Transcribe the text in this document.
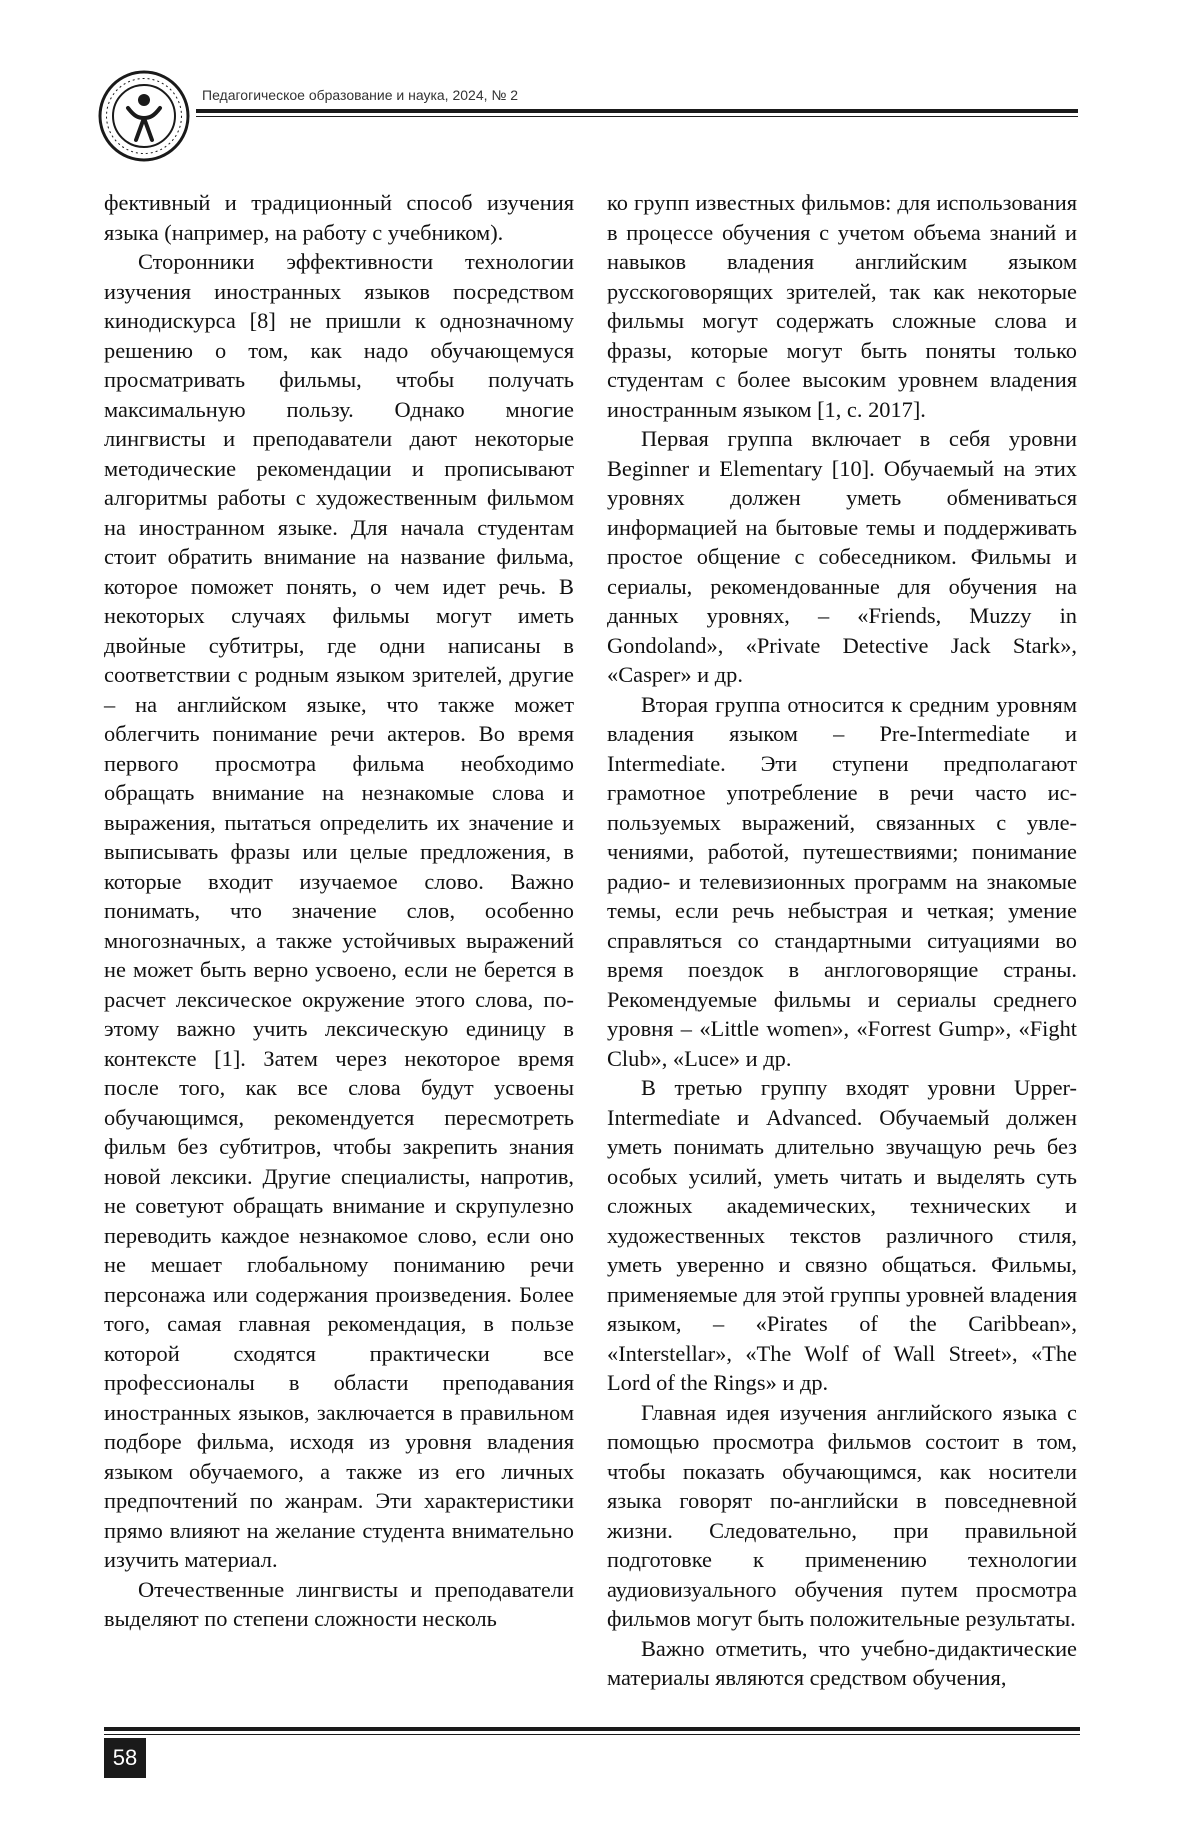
Педагогическое образование и наука, 2024, № 2

фективный и традиционный способ изучения языка (например, на работу с учебником).

Сторонники эффективности технологии изучения иностранных языков посредством кинодискурса [8] не пришли к однозначному решению о том, как надо обучающемуся просматривать фильмы, чтобы получать максимальную пользу. Однако многие лингвисты и преподаватели дают некоторые методические рекомендации и прописывают алгоритмы работы с художественным фильмом на иностранном языке. Для начала студентам стоит обратить внимание на название фильма, которое поможет понять, о чем идет речь. В некоторых случаях фильмы могут иметь двойные субтитры, где одни написаны в соответствии с родным языком зрителей, другие – на английском языке, что также может облегчить понимание речи актеров. Во время первого просмотра фильма необходимо обращать внимание на незнакомые слова и выражения, пытаться определить их значение и выписывать фразы или целые предложения, в которые входит изучаемое слово. Важно понимать, что значение слов, особенно многозначных, а также устойчивых выражений не может быть верно усвоено, если не берется в расчет лексическое окружение этого слова, поэтому важно учить лексическую единицу в контексте [1]. Затем через некоторое время после того, как все слова будут усвоены обучающимся, рекомендуется пересмотреть фильм без субтитров, чтобы закрепить знания новой лексики. Другие специалисты, напротив, не советуют обращать внимание и скрупулезно переводить каждое незнакомое слово, если оно не мешает глобальному пониманию речи персонажа или содержания произведения. Более того, самая главная рекомендация, в пользе которой сходятся практически все профессионалы в области преподавания иностранных языков, заключается в правильном подборе фильма, исходя из уровня владения языком обучаемого, а также из его личных предпочтений по жанрам. Эти характеристики прямо влияют на желание студента внимательно изучить материал.

Отечественные лингвисты и преподаватели выделяют по степени сложности несколь

ко групп известных фильмов: для использования в процессе обучения с учетом объема знаний и навыков владения английским языком русскоговорящих зрителей, так как некоторые фильмы могут содержать сложные слова и фразы, которые могут быть поняты только студентам с более высоким уровнем владения иностранным языком [1, с. 2017].

Первая группа включает в себя уровни Beginner и Elementary [10]. Обучаемый на этих уровнях должен уметь обмениваться информацией на бытовые темы и поддерживать простое общение с собеседником. Фильмы и сериалы, рекомендованные для обучения на данных уровнях, – «Friends, Muzzy in Gondoland», «Private Detective Jack Stark», «Casper» и др.

Вторая группа относится к средним уровням владения языком – Pre-Intermediate и Intermediate. Эти ступени предполагают грамотное употребление в речи часто используемых выражений, связанных с увлечениями, работой, путешествиями; понимание радио- и телевизионных программ на знакомые темы, если речь небыстрая и четкая; умение справляться со стандартными ситуациями во время поездок в англоговорящие страны. Рекомендуемые фильмы и сериалы среднего уровня – «Little women», «Forrest Gump», «Fight Club», «Luce» и др.

В третью группу входят уровни Upper-Intermediate и Advanced. Обучаемый должен уметь понимать длительно звучащую речь без особых усилий, уметь читать и выделять суть сложных академических, технических и художественных текстов различного стиля, уметь уверенно и связно общаться. Фильмы, применяемые для этой группы уровней владения языком, – «Pirates of the Caribbean», «Interstellar», «The Wolf of Wall Street», «The Lord of the Rings» и др.

Главная идея изучения английского языка с помощью просмотра фильмов состоит в том, чтобы показать обучающимся, как носители языка говорят по-английски в повседневной жизни. Следовательно, при правильной подготовке к применению технологии аудиовизуального обучения путем просмотра фильмов могут быть положительные результаты.

Важно отметить, что учебно-дидактические материалы являются средством обучения,

58
